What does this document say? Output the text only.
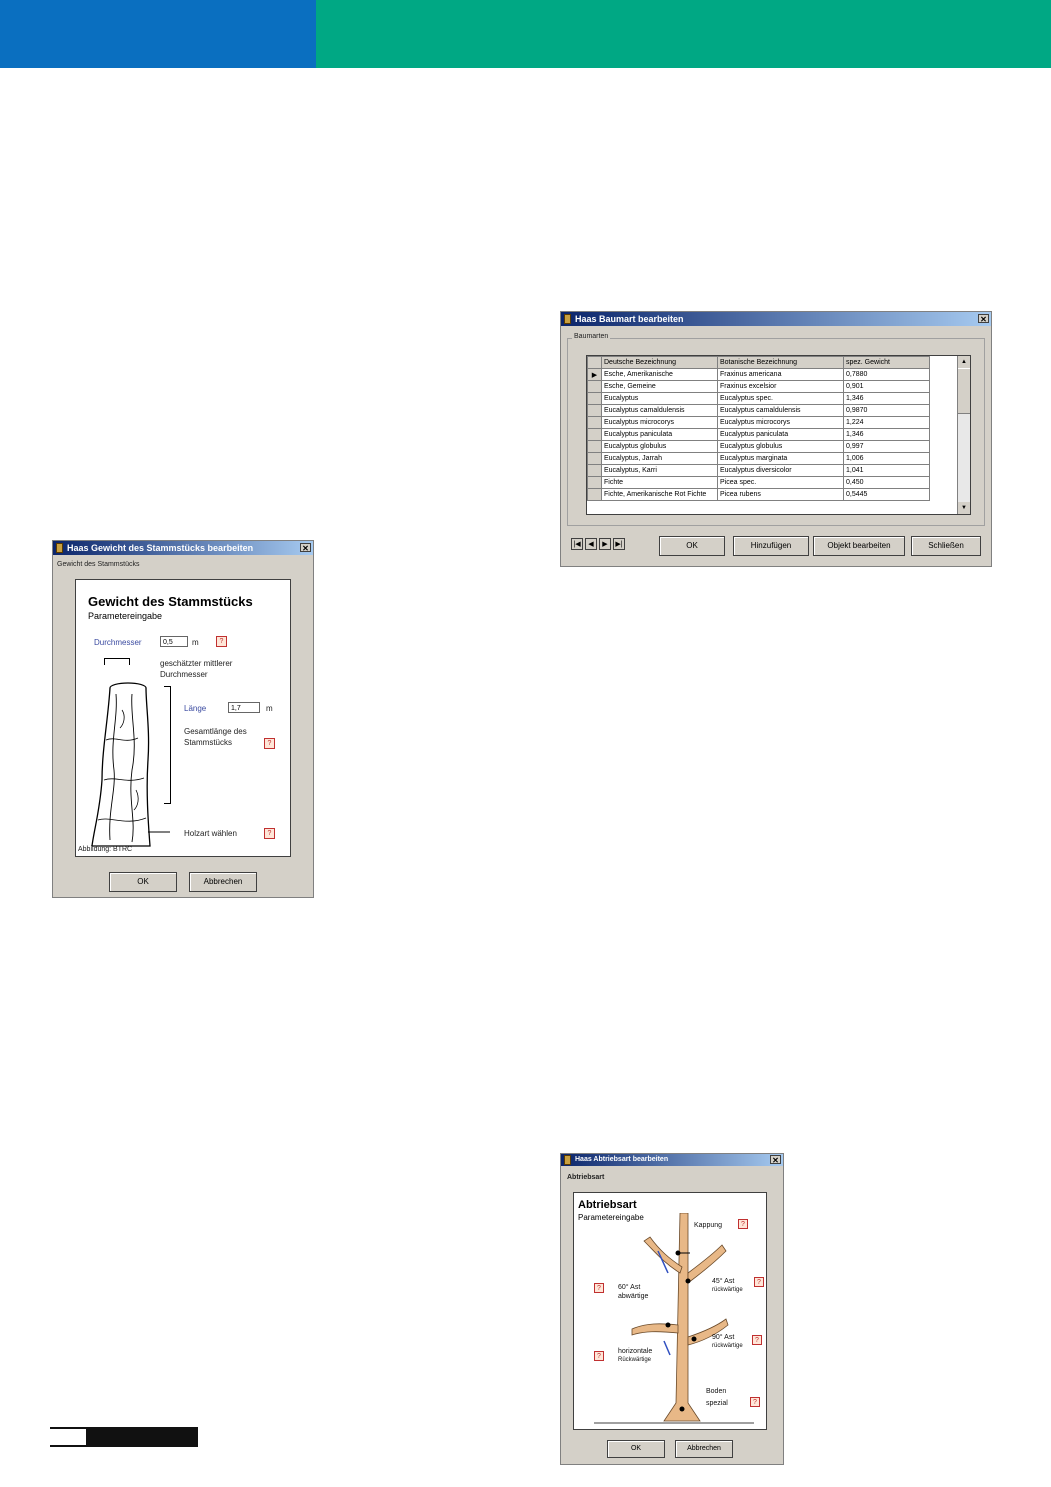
Haas Gewicht des Stammstücks bearbeiten	✕
Gewicht des Stammstücks
Gewicht des Stammstücks
Parametereingabe
Durchmesser	0,5	m	?
geschätzter mittlerer Durchmesser
Länge	1,7	m
Gesamtlänge des Stammstücks	?
Holzart wählen	?
Abbildung: BTRC
OK	Abbrechen
Haas Baumart bearbeiten	✕
Baumarten
	Deutsche Bezeichnung	Botanische Bezeichnung	spez. Gewicht
▶	Esche, Amerikanische	Fraxinus americana	0,7880
	Esche, Gemeine	Fraxinus excelsior	0,901
	Eucalyptus	Eucalyptus spec.	1,346
	Eucalyptus camaldulensis	Eucalyptus camaldulensis	0,9870
	Eucalyptus microcorys	Eucalyptus microcorys	1,224
	Eucalyptus paniculata	Eucalyptus paniculata	1,346
	Eucalyptus globulus	Eucalyptus globulus	0,997
	Eucalyptus, Jarrah	Eucalyptus marginata	1,006
	Eucalyptus, Karri	Eucalyptus diversicolor	1,041
	Fichte	Picea spec.	0,450
	Fichte, Amerikanische Rot Fichte	Picea rubens	0,5445
▲
▼
|◀	◀	▶	▶|	OK	Hinzufügen	Objekt bearbeiten	Schließen
Haas Abtriebsart bearbeiten	✕
Abtriebsart
Abtriebsart
Parametereingabe
Kappung	?
45° Ast
rückwärtige
?
?	60° Ast
abwärtige
90° Ast
rückwärtige
?
?
horizontale
Rückwärtige
Boden
spezial	?
OK	Abbrechen
